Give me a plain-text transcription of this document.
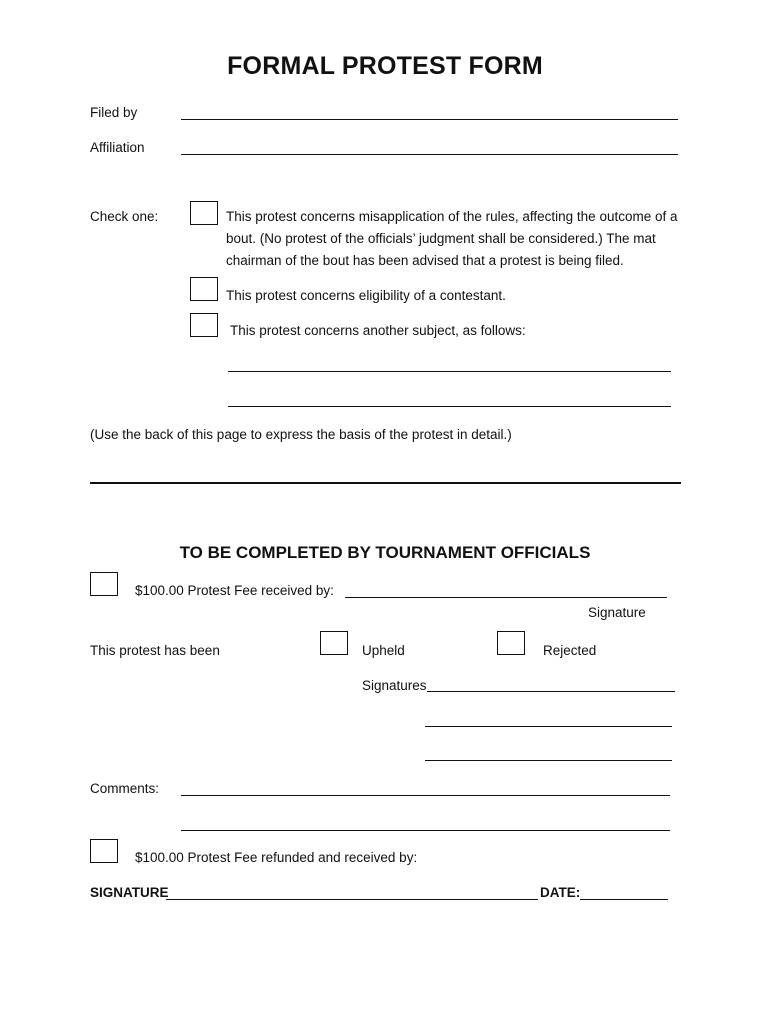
FORMAL PROTEST FORM
Filed by
Affiliation
Check one:	This protest concerns misapplication of the rules, affecting the outcome of a bout. (No protest of the officials’ judgment shall be considered.) The mat chairman of the bout has been advised that a protest is being filed.
This protest concerns eligibility of a contestant.
This protest concerns another subject, as follows:
(Use the back of this page to express the basis of the protest in detail.)
TO BE COMPLETED BY TOURNAMENT OFFICIALS
$100.00 Protest Fee received by:
Signature
This protest has been	Upheld	Rejected
Signatures
Comments:
$100.00 Protest Fee refunded and received by:
SIGNATURE	DATE:
